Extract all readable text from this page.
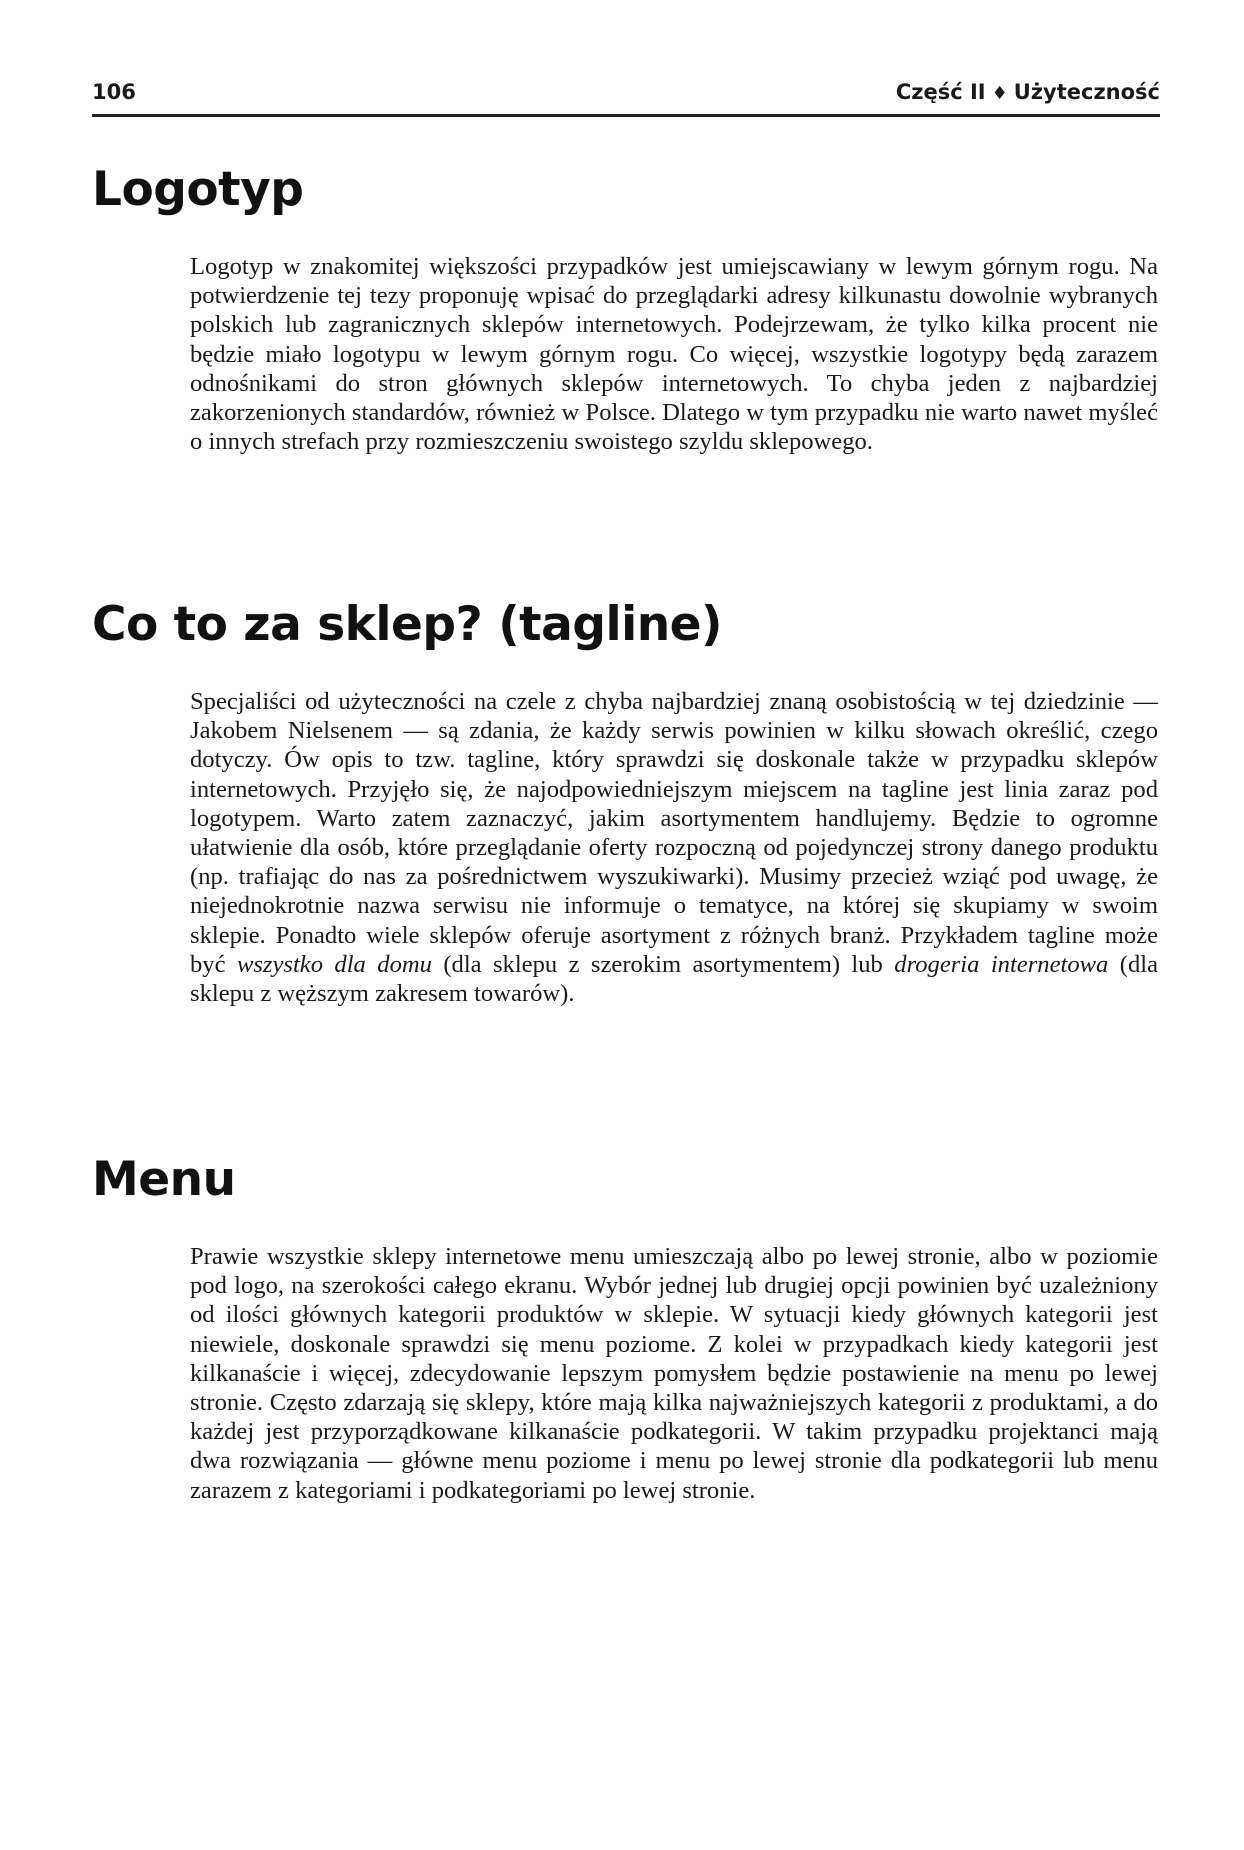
106	Część II ♦ Użyteczność
Logotyp

Logotyp w znakomitej większości przypadków jest umiejscawiany w lewym górnym rogu. Na potwierdzenie tej tezy proponuję wpisać do przeglądarki adresy kilkunastu dowolnie wybranych polskich lub zagranicznych sklepów internetowych. Podejrzewam, że tylko kilka procent nie będzie miało logotypu w lewym górnym rogu. Co więcej, wszystkie logotypy będą zarazem odnośnikami do stron głównych sklepów internetowych. To chyba jeden z najbardziej zakorzenionych standardów, również w Polsce. Dlatego w tym przypadku nie warto nawet myśleć o innych strefach przy rozmieszczeniu swoistego szyldu sklepowego.

Co to za sklep? (tagline)

Specjaliści od użyteczności na czele z chyba najbardziej znaną osobistością w tej dziedzinie — Jakobem Nielsenem — są zdania, że każdy serwis powinien w kilku słowach określić, czego dotyczy. Ów opis to tzw. tagline, który sprawdzi się doskonale także w przypadku sklepów internetowych. Przyjęło się, że najodpowiedniejszym miejscem na tagline jest linia zaraz pod logotypem. Warto zatem zaznaczyć, jakim asortymentem handlujemy. Będzie to ogromne ułatwienie dla osób, które przeglądanie oferty rozpoczną od pojedynczej strony danego produktu (np. trafiając do nas za pośrednictwem wyszukiwarki). Musimy przecież wziąć pod uwagę, że niejednokrotnie nazwa serwisu nie informuje o tematyce, na której się skupiamy w swoim sklepie. Ponadto wiele sklepów oferuje asortyment z różnych branż. Przykładem tagline może być wszystko dla domu (dla sklepu z szerokim asortymentem) lub drogeria internetowa (dla sklepu z węższym zakresem towarów).

Menu

Prawie wszystkie sklepy internetowe menu umieszczają albo po lewej stronie, albo w poziomie pod logo, na szerokości całego ekranu. Wybór jednej lub drugiej opcji powinien być uzależniony od ilości głównych kategorii produktów w sklepie. W sytuacji kiedy głównych kategorii jest niewiele, doskonale sprawdzi się menu poziome. Z kolei w przypadkach kiedy kategorii jest kilkanaście i więcej, zdecydowanie lepszym pomysłem będzie postawienie na menu po lewej stronie. Często zdarzają się sklepy, które mają kilka najważniejszych kategorii z produktami, a do każdej jest przyporządkowane kilkanaście podkategorii. W takim przypadku projektanci mają dwa rozwiązania — główne menu poziome i menu po lewej stronie dla podkategorii lub menu zarazem z kategoriami i podkategoriami po lewej stronie.
